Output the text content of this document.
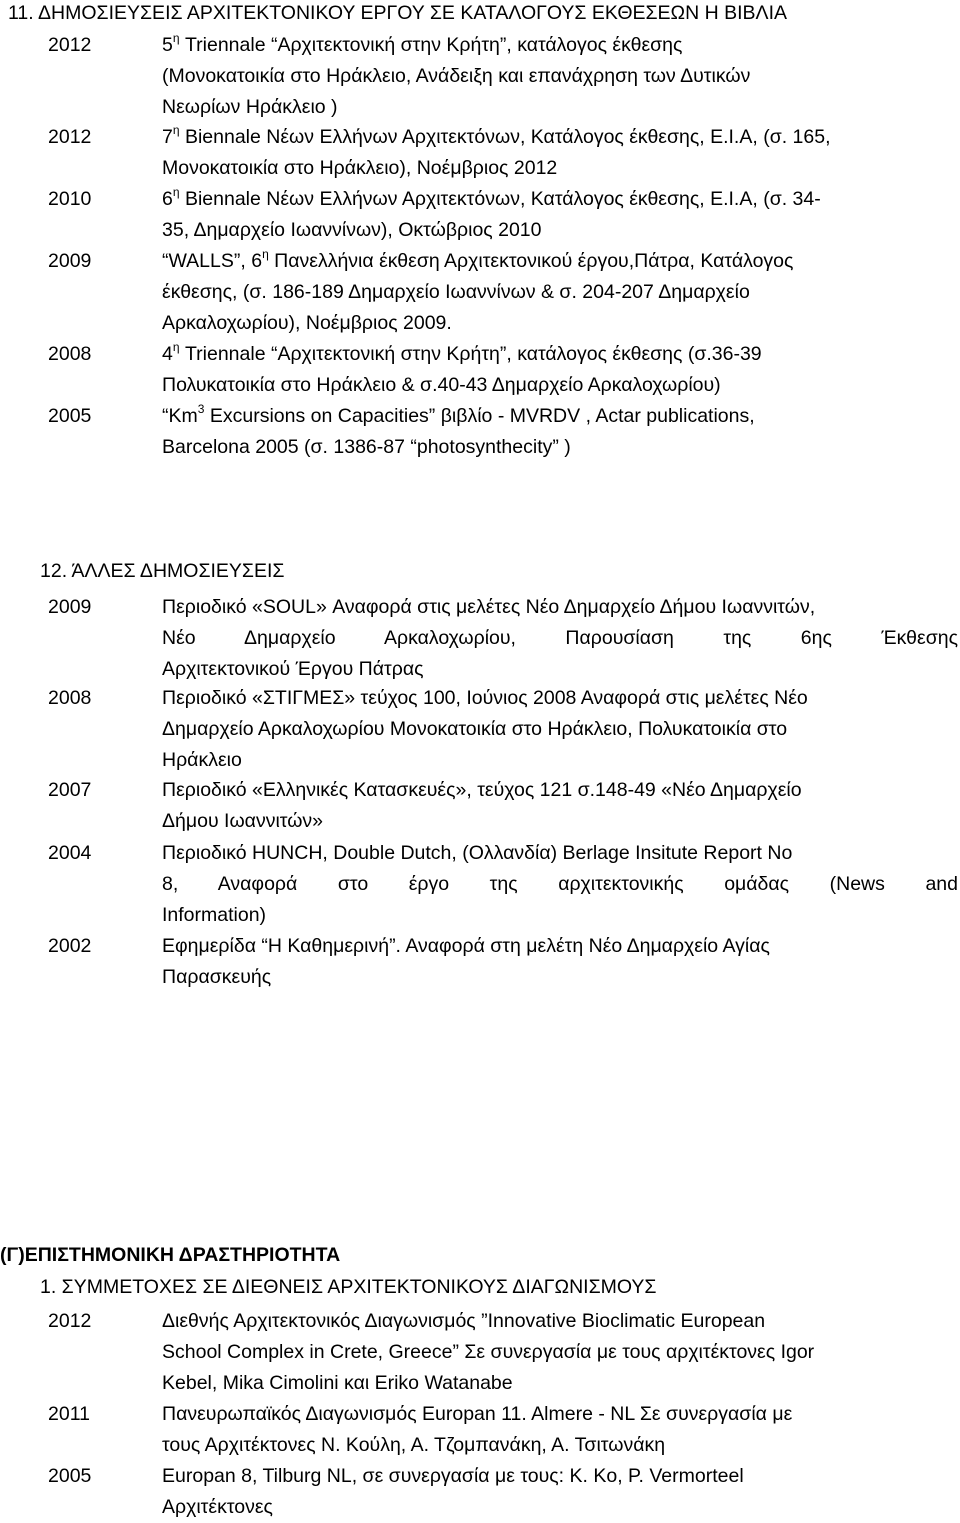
11. ΔΗΜΟΣΙΕΥΣΕΙΣ ΑΡΧΙΤΕΚΤΟΝΙΚΟΥ ΕΡΓΟΥ ΣΕ ΚΑΤΑΛΟΓΟΥΣ ΕΚΘΕΣΕΩΝ Η ΒΙΒΛΙΑ
2012	$5^\eta$ Triennale “Αρχιτεκτονική στην Κρήτη”, κατάλογος έκθεσης
(Μονοκατοικία στο Ηράκλειο, Ανάδειξη και επανάχρηση των Δυτικών
Νεωρίων Ηράκλειο )
2012	$7^\eta$ Biennale Νέων Ελλήνων Αρχιτεκτόνων, Κατάλογος έκθεσης, Ε.Ι.Α, (σ. 165,
Μονοκατοικία στο Ηράκλειο), Νοέμβριος 2012
2010	$6^\eta$ Biennale Νέων Ελλήνων Αρχιτεκτόνων, Κατάλογος έκθεσης, Ε.Ι.Α, (σ. 34-
35, Δημαρχείο Ιωαννίνων), Οκτώβριος 2010
2009	“WALLS”, $6^\eta$ Πανελλήνια έκθεση Αρχιτεκτονικού έργου,Πάτρα, Κατάλογος
έκθεσης, (σ. 186-189 Δημαρχείο Ιωαννίνων & σ. 204-207 Δημαρχείο
Αρκαλοχωρίου), Νοέμβριος 2009.
2008	$4^\eta$ Triennale “Αρχιτεκτονική στην Κρήτη”, κατάλογος έκθεσης (σ.36-39
Πολυκατοικία στο Ηράκλειο & σ.40-43 Δημαρχείο Αρκαλοχωρίου)
2005	“Km$^3$ Excursions on Capacities” βιβλίο - MVRDV , Actar publications,
Barcelona 2005 (σ. 1386-87 “photosynthecity” )
12. ΆΛΛΕΣ ΔΗΜΟΣΙΕΥΣΕΙΣ
2009	Περιοδικό «SOUL» Αναφορά στις μελέτες Νέο Δημαρχείο Δήμου Ιωαννιτών,
Νέο Δημαρχείο Αρκαλοχωρίου, Παρουσίαση της 6ης Έκθεσης
Αρχιτεκτονικού Έργου Πάτρας
2008	Περιοδικό «ΣΤΙΓΜΕΣ» τεύχος 100, Ιούνιος 2008 Αναφορά στις μελέτες Νέο
Δημαρχείο Αρκαλοχωρίου Μονοκατοικία στο Ηράκλειο, Πολυκατοικία στο
Ηράκλειο
2007	Περιοδικό «Ελληνικές Κατασκευές», τεύχος 121 σ.148-49 «Νέο Δημαρχείο
Δήμου Ιωαννιτών»
2004	Περιοδικό HUNCH, Double Dutch, (Ολλανδία) Berlage Insitute Report No
8, Αναφορά στο έργο της αρχιτεκτονικής ομάδας (News and
Information)
2002	Εφημερίδα “Η Καθημερινή”. Αναφορά στη μελέτη Νέο Δημαρχείο Αγίας
Παρασκευής
(Γ)ΕΠΙΣΤΗΜΟΝΙΚΗ ΔΡΑΣΤΗΡΙΟΤΗΤΑ
1. ΣΥΜΜΕΤΟΧΕΣ ΣΕ ΔΙΕΘΝΕΙΣ ΑΡΧΙΤΕΚΤΟΝΙΚΟΥΣ ΔΙΑΓΩΝΙΣΜΟΥΣ
2012	Διεθνής Αρχιτεκτονικός Διαγωνισμός ”Innovative Bioclimatic European
School Complex in Crete, Greece” Σε συνεργασία με τους αρχιτέκτονες Igor
Kebel, Mika Cimolini και Eriko Watanabe
2011	Πανευρωπαϊκός Διαγωνισμός Europan 11. Almere - NL Σε συνεργασία με
τους Αρχιτέκτονες Ν. Κούλη, Α. Τζομπανάκη, Α. Τσιτωνάκη
2005	Europan 8, Tilburg NL, σε συνεργασία με τους: K. Ko, P. Vermorteel
Αρχιτέκτονες
